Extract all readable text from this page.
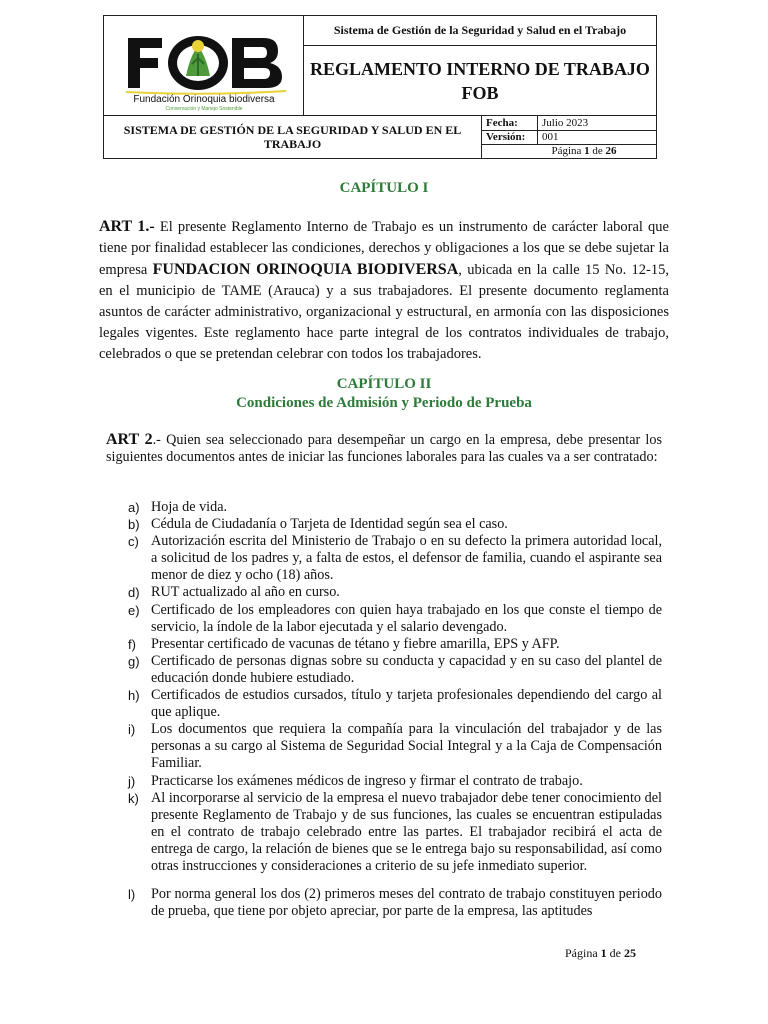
Fundación Orinoquia biodiversa
Conservación y Manejo Sostenible
Sistema de Gestión de la Seguridad y Salud en el Trabajo
REGLAMENTO INTERNO DE TRABAJO
FOB
SISTEMA DE GESTIÓN DE LA SEGURIDAD Y SALUD EN EL TRABAJO
Fecha: Julio 2023
Versión: 001
Página 1 de 26
CAPÍTULO I
ART 1.- El presente Reglamento Interno de Trabajo es un instrumento de carácter laboral que tiene por finalidad establecer las condiciones, derechos y obligaciones a los que se debe sujetar la empresa FUNDACION ORINOQUIA BIODIVERSA, ubicada en la calle 15 No. 12-15, en el municipio de TAME (Arauca) y a sus trabajadores. El presente documento reglamenta asuntos de carácter administrativo, organizacional y estructural, en armonía con las disposiciones legales vigentes. Este reglamento hace parte integral de los contratos individuales de trabajo, celebrados o que se pretendan celebrar con todos los trabajadores.
CAPÍTULO II
Condiciones de Admisión y Periodo de Prueba
ART 2.- Quien sea seleccionado para desempeñar un cargo en la empresa, debe presentar los siguientes documentos antes de iniciar las funciones laborales para las cuales va a ser contratado:
a) Hoja de vida.
b) Cédula de Ciudadanía o Tarjeta de Identidad según sea el caso.
c) Autorización escrita del Ministerio de Trabajo o en su defecto la primera autoridad local, a solicitud de los padres y, a falta de estos, el defensor de familia, cuando el aspirante sea menor de diez y ocho (18) años.
d) RUT actualizado al año en curso.
e) Certificado de los empleadores con quien haya trabajado en los que conste el tiempo de servicio, la índole de la labor ejecutada y el salario devengado.
f) Presentar certificado de vacunas de tétano y fiebre amarilla, EPS y AFP.
g) Certificado de personas dignas sobre su conducta y capacidad y en su caso del plantel de educación donde hubiere estudiado.
h) Certificados de estudios cursados, título y tarjeta profesionales dependiendo del cargo al que aplique.
i) Los documentos que requiera la compañía para la vinculación del trabajador y de las personas a su cargo al Sistema de Seguridad Social Integral y a la Caja de Compensación Familiar.
j) Practicarse los exámenes médicos de ingreso y firmar el contrato de trabajo.
k) Al incorporarse al servicio de la empresa el nuevo trabajador debe tener conocimiento del presente Reglamento de Trabajo y de sus funciones, las cuales se encuentran estipuladas en el contrato de trabajo celebrado entre las partes. El trabajador recibirá el acta de entrega de cargo, la relación de bienes que se le entrega bajo su responsabilidad, así como otras instrucciones y consideraciones a criterio de su jefe inmediato superior.
l) Por norma general los dos (2) primeros meses del contrato de trabajo constituyen periodo de prueba, que tiene por objeto apreciar, por parte de la empresa, las aptitudes
Página 1 de 25
